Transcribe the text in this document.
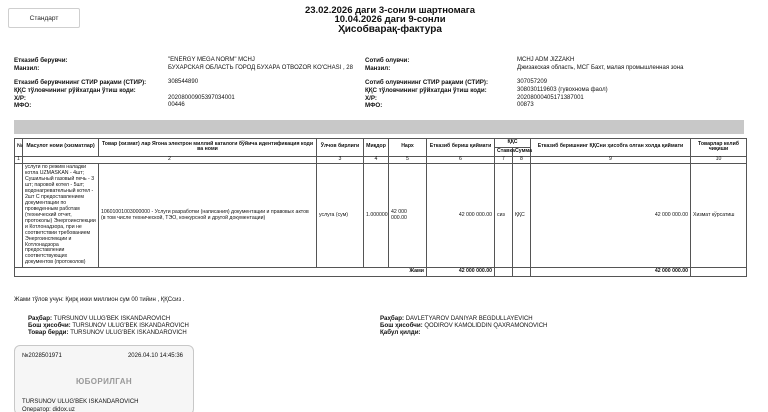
Стандарт
23.02.2026 даги 3-сонли шартномага
10.04.2026 даги 9-сонли
Ҳисобварақ-фактура
Етказиб берувчи:	"ENERGY MEGA NORM" MCHJ
Манзил:	БУХАРСКАЯ ОБЛАСТЬ ГОРОД БУХАРА OTBOZOR KO'CHASI , 28
Етказиб берувчининг СТИР рақами (СТИР):	308544890
ҚҚС тўловчининг рўйхатдан ўтиш коди:
Х/Р:	20208000905397034001
МФО:	00446
Сотиб олувчи:	MCHJ ADM JIZZAKH
Манзил:	Джизакская область, МСГ Бахт, малая промышленная зона
Сотиб олувчининг СТИР рақами (СТИР):	307057209
ҚҚС тўловчининг рўйхатдан ўтиш коди:	308030119603 (гувохнома фаол)
Х/Р:	20208000405171387001
МФО:	00873
№	Масулот номи (хизматлар)	Товар (хизмат) лар Ягона электрон миллий каталоги бўйича идентификация коди ва номи	Ўлчов бирлиги	Миқдор	Нарх	Етказиб бериш қиймати	ҚҚС		Етказиб беришнинг ҚҚСни ҳисобга олган холда қиймати	Товарлар келиб чиқиши
							Ставка	Сумма		
1	2		3	4	5	6	7	8	9	10
	услуги по режим наладки котла UZMASKAN - 4шт; Сушильный газовый печь - 3 шт; паровой котел - 5шт; водонагревательный котел - 2шт С предоставлением документации по проведенным работам (технический отчет, протоколы) Энергоинспекции и Котлонадзора, при не соответствии требованием Энергоинспекции и Котлонадзора предоставлении соответствующих документов (протоколов)	10601001003000000 - Услуги разработки (написания) документации и правовых актов (в том числе технической, ТЭО, конкурсной и другой документации)	услуга (сум)	1.000000	42 000 000.00	42 000 000.00	сиз	ҚҚС	42 000 000.00	Хизмат кўрсатиш
Жами						42 000 000.00			42 000 000.00	
Жами тўлов учун: Қирқ икки миллион сум 00 тийин , ҚҚСсиз .
Раҳбар: TURSUNOV ULUG'BEK ISKANDAROVICH
Бош ҳисобчи: TURSUNOV ULUG'BEK ISKANDAROVICH
Товар берди: TURSUNOV ULUG'BEK ISKANDAROVICH
Раҳбар: DAVLETYAROV DANIYAR BEGDULLAYEVICH
Бош ҳисобчи: QODIROV KAMOLIDDIN QAXRAMONOVICH
Қабул қилди:
№2028501971	2026.04.10 14:45:36
ЮБОРИЛГАН
TURSUNOV ULUG'BEK ISKANDAROVICH
Оператор: didox.uz
